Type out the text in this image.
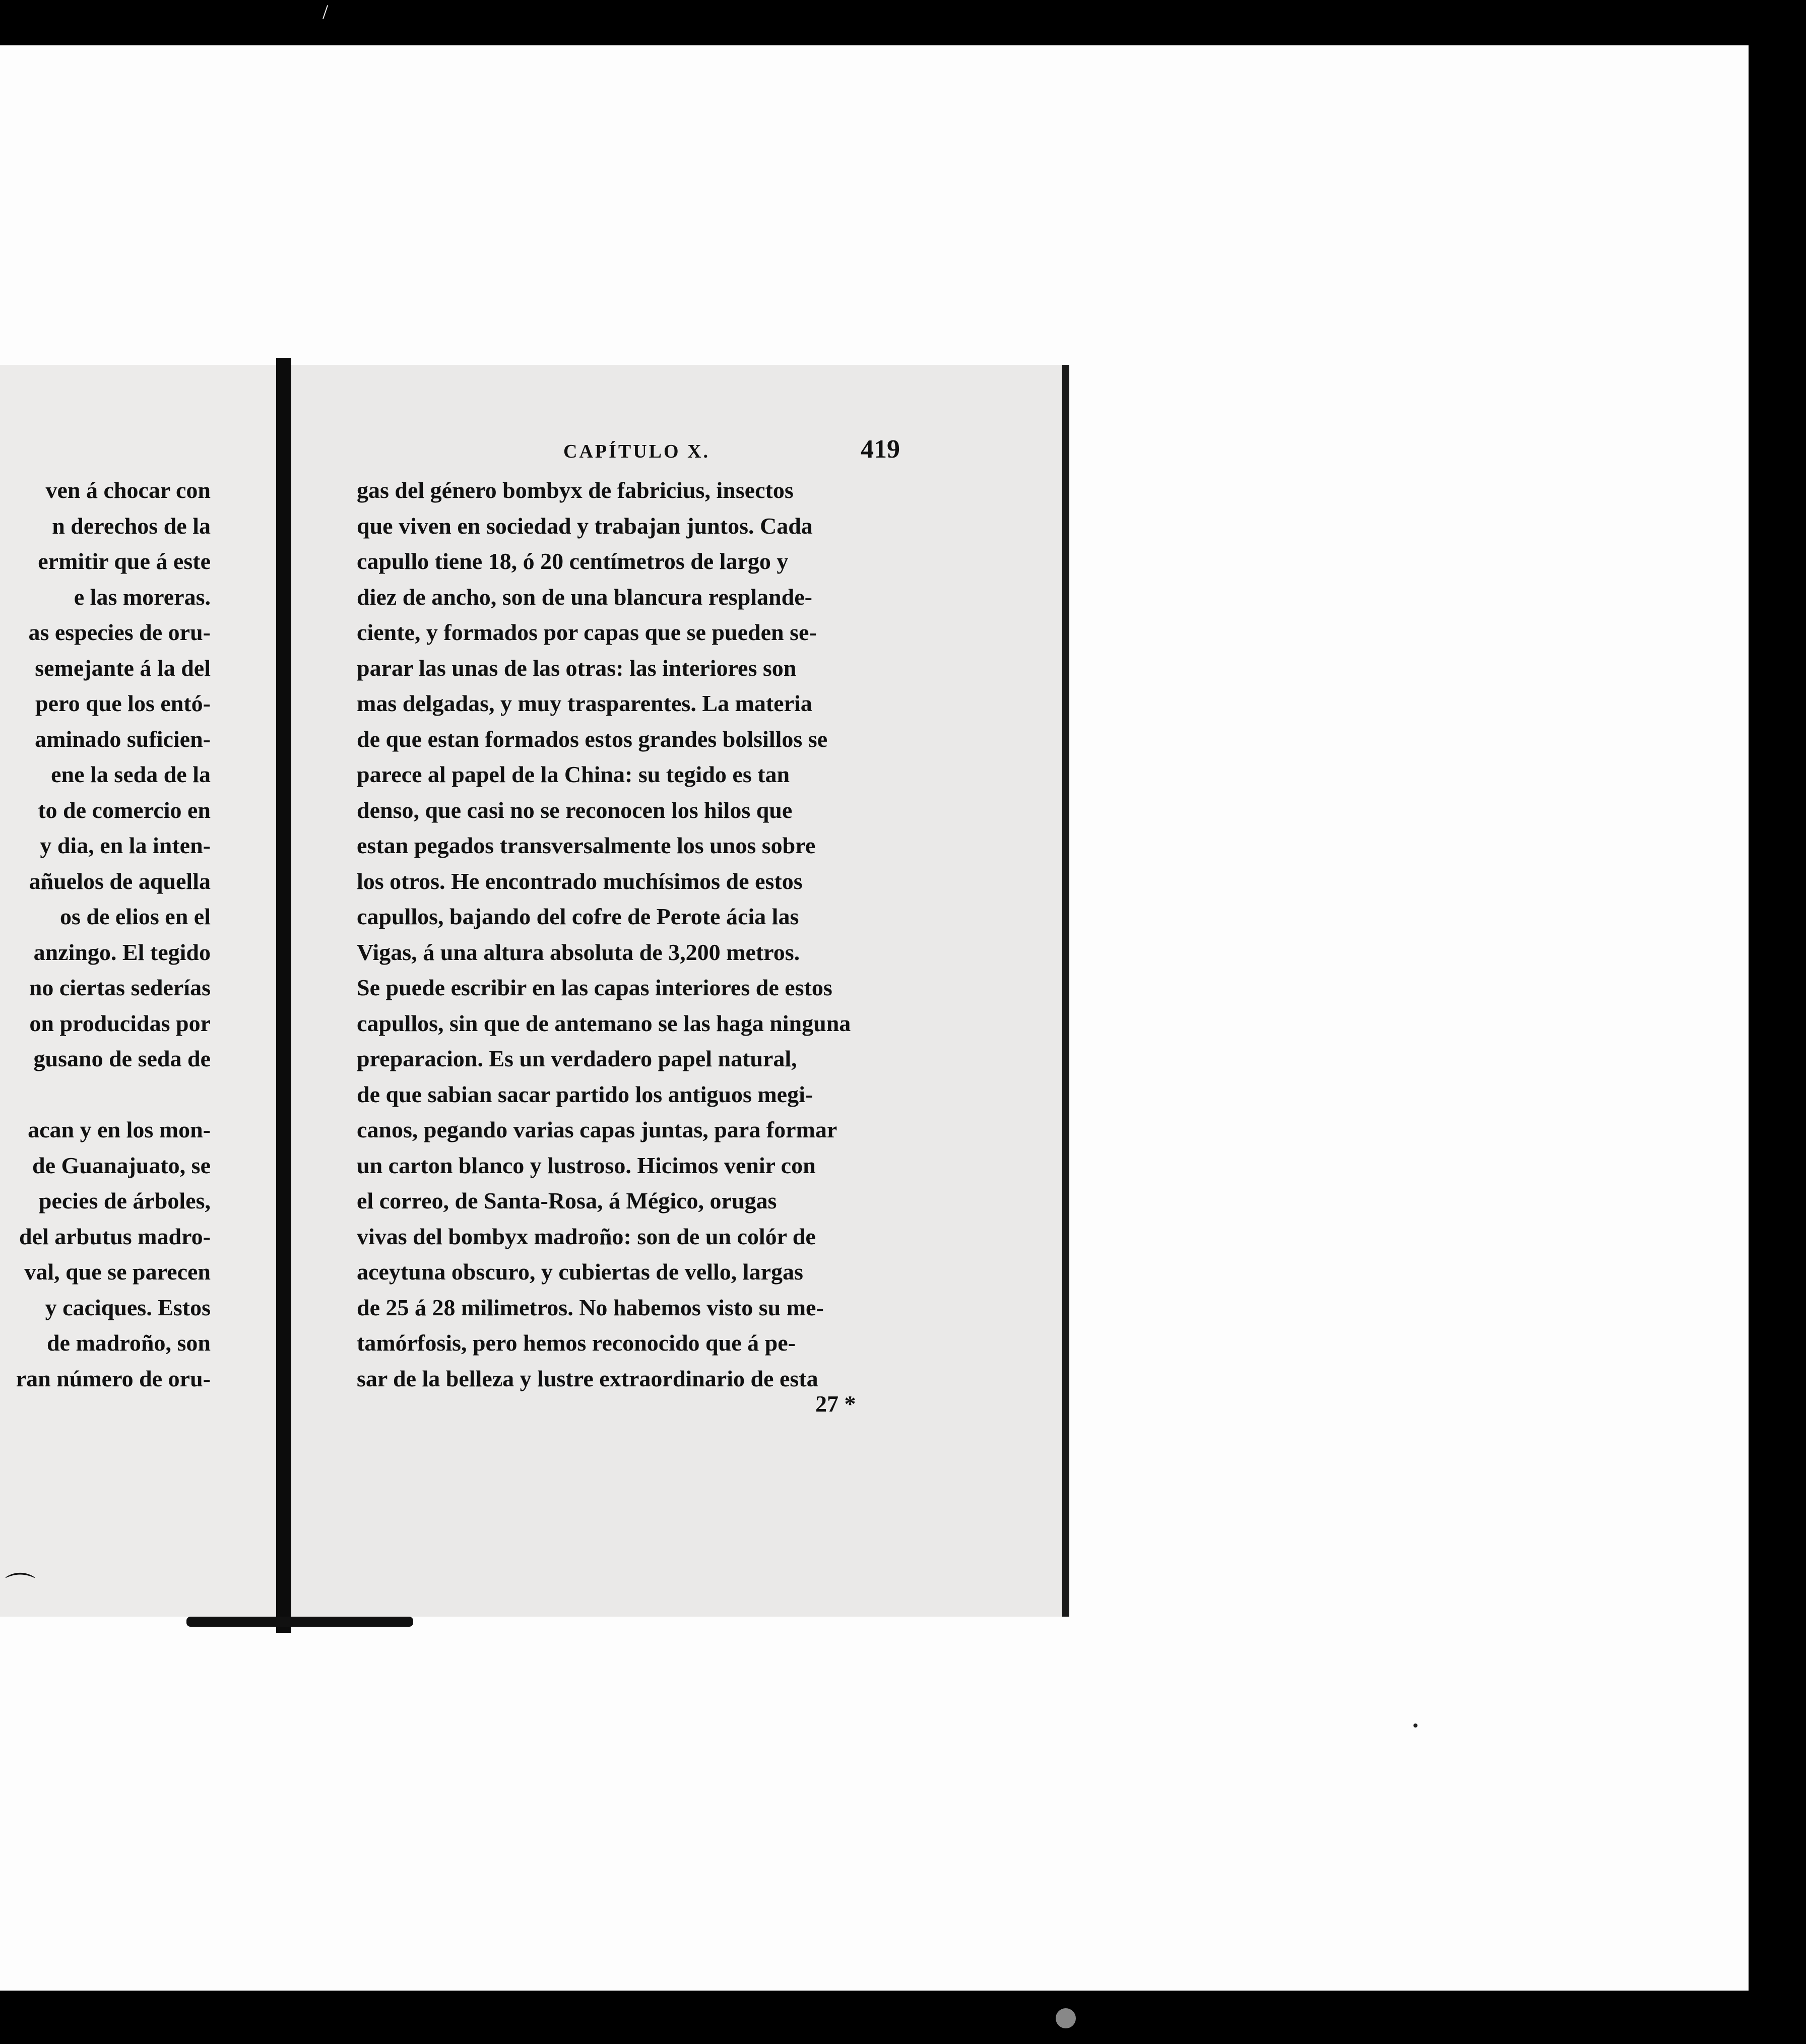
/
ven á chocar con
n derechos de la
ermitir que á este
e las moreras.
as especies de oru-
semejante á la del
pero que los entó-
aminado suficien-
ene la seda de la
to de comercio en
y dia, en la inten-
añuelos de aquella
os de elios en el
anzingo. El tegido
no ciertas sederías
on producidas por
gusano de seda de
acan y en los mon-
de Guanajuato, se
pecies de árboles,
del arbutus madro-
val, que se parecen
y caciques. Estos
de madroño, son
ran número de oru-
⌒
CAPÍTULO X.	419
gas del género bombyx de fabricius, insectos
que viven en sociedad y trabajan juntos. Cada
capullo tiene 18, ó 20 centímetros de largo y
diez de ancho, son de una blancura resplande-
ciente, y formados por capas que se pueden se-
parar las unas de las otras: las interiores son
mas delgadas, y muy trasparentes. La materia
de que estan formados estos grandes bolsillos se
parece al papel de la China: su tegido es tan
denso, que casi no se reconocen los hilos que
estan pegados transversalmente los unos sobre
los otros. He encontrado muchísimos de estos
capullos, bajando del cofre de Perote ácia las
Vigas, á una altura absoluta de 3,200 metros.
Se puede escribir en las capas interiores de estos
capullos, sin que de antemano se las haga ninguna
preparacion. Es un verdadero papel natural,
de que sabian sacar partido los antiguos megi-
canos, pegando varias capas juntas, para formar
un carton blanco y lustroso. Hicimos venir con
el correo, de Santa-Rosa, á Mégico, orugas
vivas del bombyx madroño: son de un colór de
aceytuna obscuro, y cubiertas de vello, largas
de 25 á 28 milimetros. No habemos visto su me-
tamórfosis, pero hemos reconocido que á pe-
sar de la belleza y lustre extraordinario de esta
27 *
